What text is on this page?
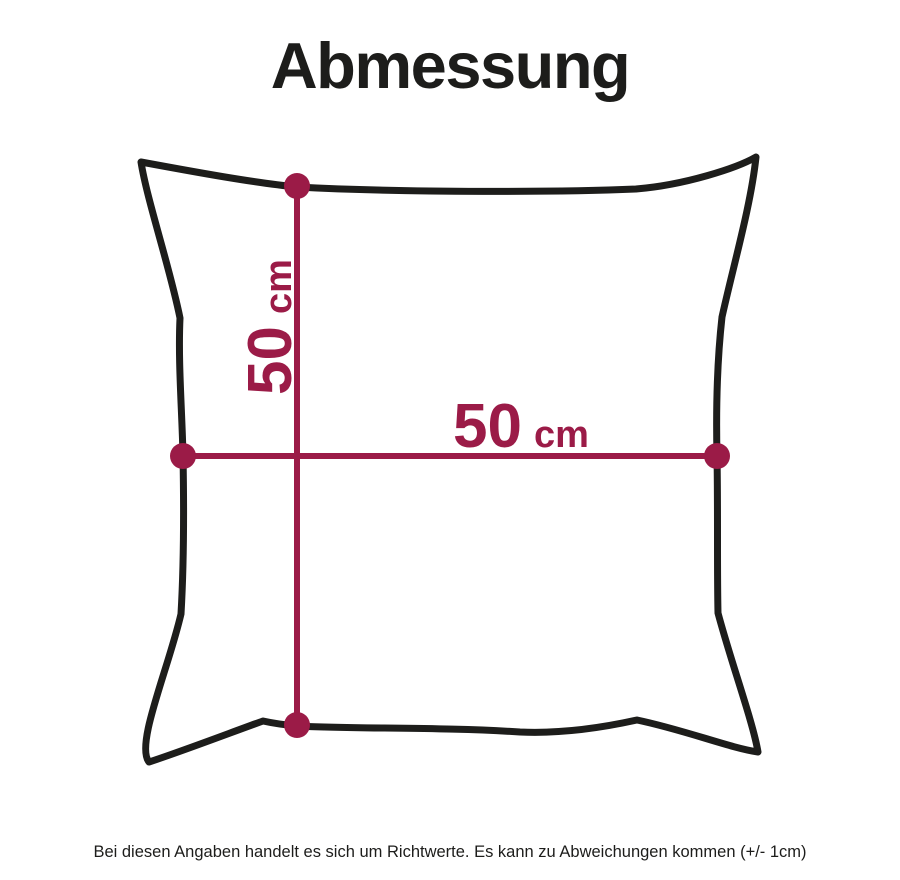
Abmessung
50
cm
50 cm

Bei diesen Angaben handelt es sich um Richtwerte. Es kann zu Abweichungen kommen (+/- 1cm)
